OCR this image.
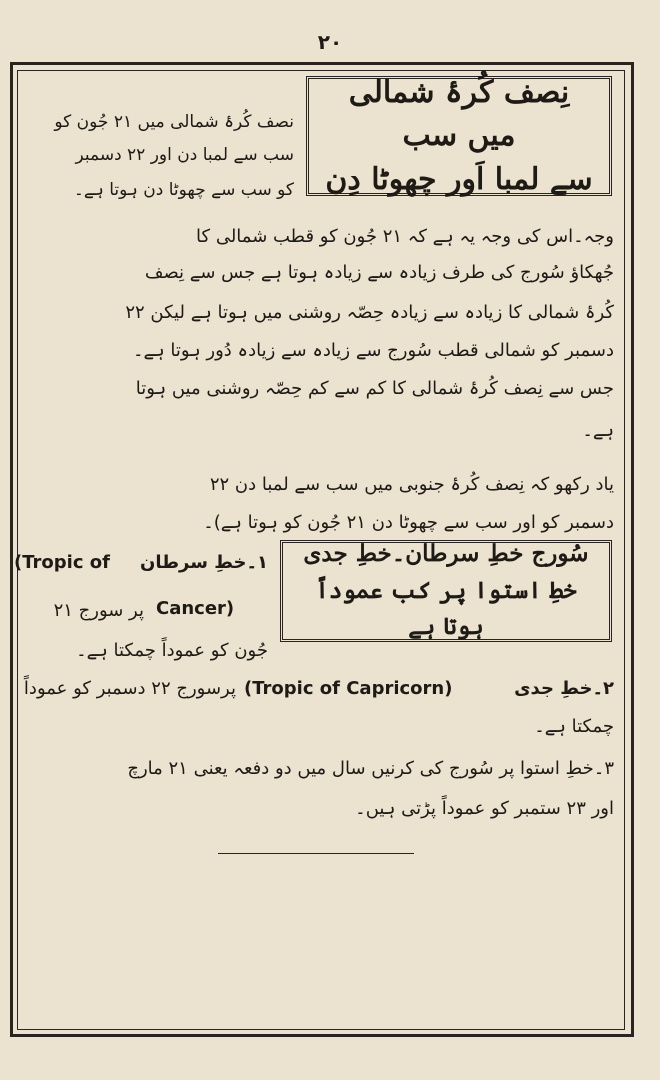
۲۰
نِصف کُرۂ شمالی میں سب
سے لمبا اَور چھوٹا دِن
نصف کُرۂ شمالی میں ۲۱ جُون کو
سب سے لمبا دن اور ۲۲ دسمبر
کو سب سے چھوٹا دن ہوتا ہے۔
وجہ۔اس کی وجہ یہ ہے کہ ۲۱ جُون کو قطب شمالی کا
جُھکاؤ سُورج کی طرف زیادہ سے زیادہ ہوتا ہے جس سے نِصف
کُرۂ شمالی کا زیادہ سے زیادہ حِصّہ روشنی میں ہوتا ہے لیکن ۲۲
دسمبر کو شمالی قطب سُورج سے زیادہ سے زیادہ دُور ہوتا ہے۔
جس سے نِصف کُرۂ شمالی کا کم سے کم حِصّہ روشنی میں ہوتا
ہے۔
یاد رکھو کہ نِصف کُرۂ جنوبی میں سب سے لمبا دن ۲۲
دسمبر کو اور سب سے چھوٹا دن ۲۱ جُون کو ہوتا ہے)۔
سُورج خطِ سرطان۔خطِ جدی
خطِ استوا پر کب عموداً ہوتا ہے
(Tropic of ۱۔خطِ سرطان
Cancer)
پر سورج ۲۱
جُون کو عموداً چمکتا ہے۔
۲۔خطِ جدی
(Tropic of Capricorn)
پرسورج ۲۲ دسمبر کو عموداً
چمکتا ہے۔
۳۔خطِ استوا پر سُورج کی کرنیں سال میں دو دفعہ یعنی ۲۱ مارچ
اور ۲۳ ستمبر کو عموداً پڑتی ہیں۔
